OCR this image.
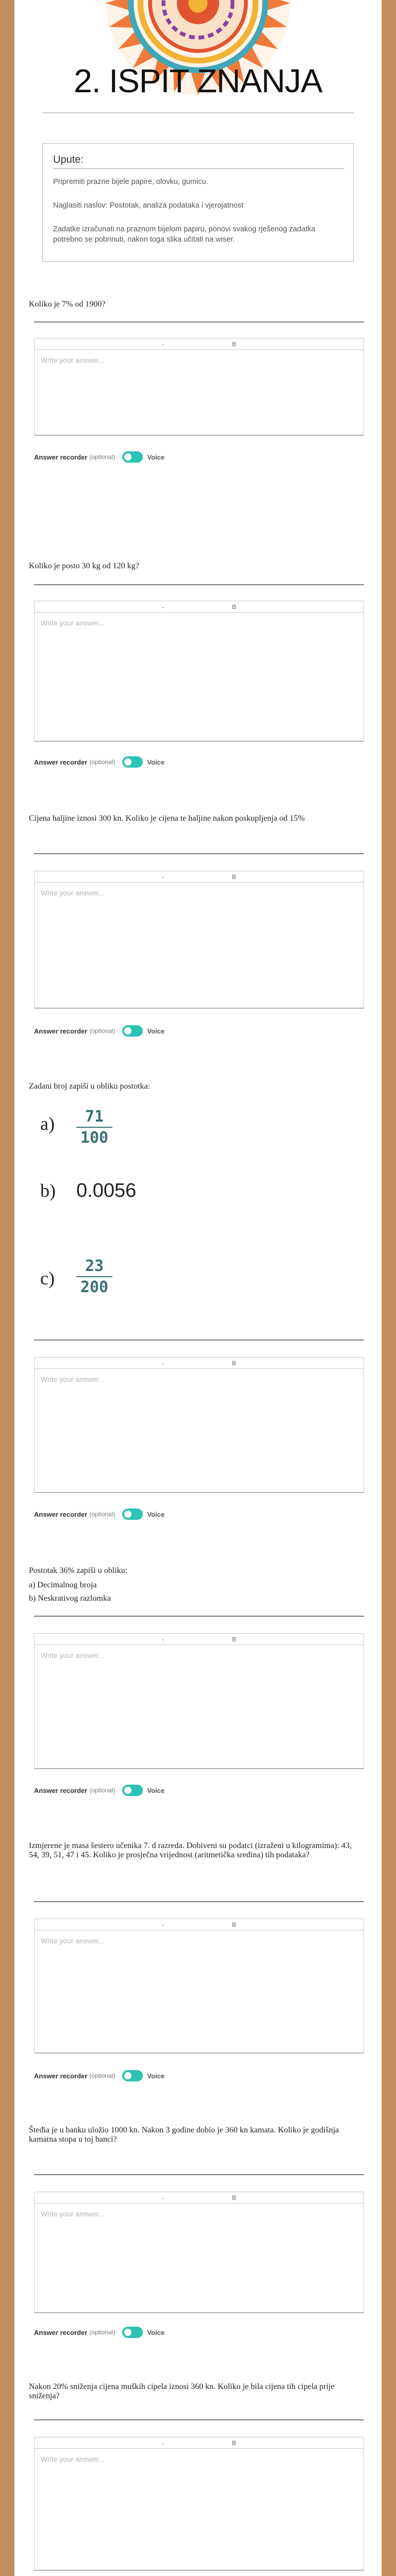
2. ISPIT ZNANJA
Upute:

Pripremiti prazne bijele papire, olovku, gumicu.

Naglasiti naslov: Postotak, analiza podataka i vjerojatnost

Zadatke izračunati na praznom bijelom papiru, ponovi svakog rješenog zadatka potrebno se pobrinuti, nakon toga slika učitati na wiser.

Koliko je 7% od 1900?
-	B
Write your answer...
Answer recorder (optional)	Voice
Koliko je posto 30 kg od 120 kg?
-	B
Write your answer...
Answer recorder (optional)	Voice
Cijena haljine iznosi 300 kn. Koliko je cijena te haljine nakon poskupljenja od 15%
-	B
Write your answer...
Answer recorder (optional)	Voice
Zadani broj zapiši u obliku postotka:
a)	71
100
b) 0.0056
c)
23
200
-	B
Write your answer...
Answer recorder (optional)	Voice
Postotak 36% zapiši u obliku:
a) Decimalnog broja
b) Neskrativog razlomka
-	B
Write your answer...
Answer recorder (optional)	Voice
Izmjerene je masa šestero učenika 7. d razreda. Dobiveni su podatci (izraženi u kilogramima): 43, 54, 39, 51, 47 i 45. Koliko je prosječna vrijednost (aritmetička sredina) tih podataka?
-	B
Write your answer...
Answer recorder (optional)	Voice
Šteđia je u banku uložio 1000 kn. Nakon 3 godine dobio je 360 kn kamata. Koliko je godišnja kamatna stopa u toj banci?
-	B
Write your answer...
Answer recorder (optional)	Voice
Nakon 20% sniženja cijena muških cipela iznosi 360 kn. Koliko je bila cijena tih cipela prije sniženja?
-	B
Write your answer...
